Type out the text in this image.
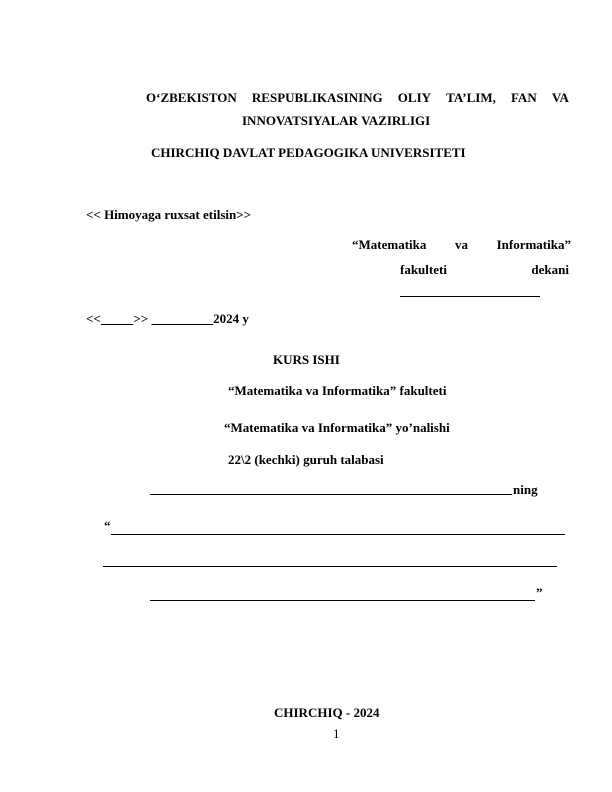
O‘ZBEKISTON RESPUBLIKASINING OLIY TA’LIM, FAN VA
INNOVATSIYALAR VAZIRLIGI
CHIRCHIQ DAVLAT PEDAGOGIKA UNIVERSITETI
<< Himoyaga ruxsat etilsin>>
“Matematika va Informatika”
fakulteti	dekani
<<	>>	2024 y
KURS ISHI
“Matematika va Informatika” fakulteti
“Matematika va Informatika” yo’nalishi
22\2 (kechki) guruh talabasi
ning
“
”
CHIRCHIQ - 2024
1
